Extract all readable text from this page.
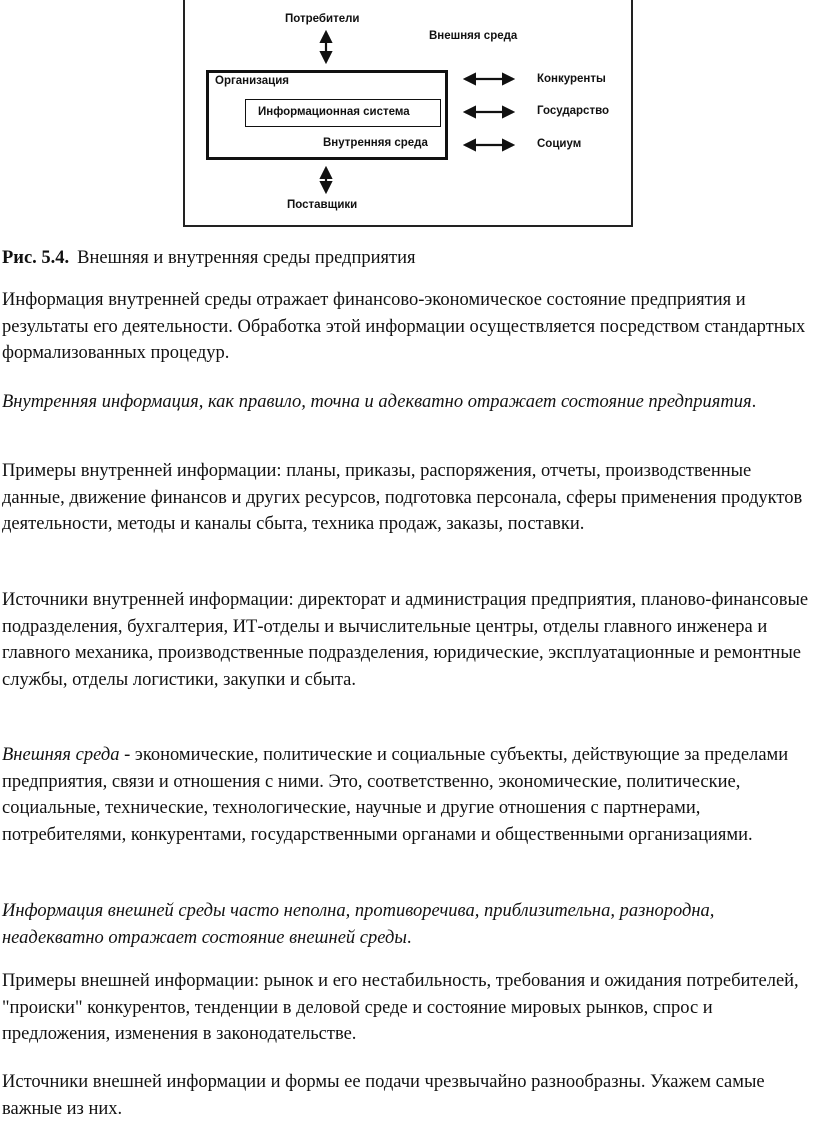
Потребители
Внешняя среда
Организация
Информационная система
Внутренняя среда
Поставщики
Конкуренты
Государство
Социум
Рис. 5.4. Внешняя и внутренняя среды предприятия

Информация внутренней среды отражает финансово-экономическое состояние предприятия и результаты его деятельности. Обработка этой информации осуществляется посредством стандартных формализованных процедур.

Внутренняя информация, как правило, точна и адекватно отражает состояние предприятия.

Примеры внутренней информации: планы, приказы, распоряжения, отчеты, производственные данные, движение финансов и других ресурсов, подготовка персонала, сферы применения продуктов деятельности, методы и каналы сбыта, техника продаж, заказы, поставки.

Источники внутренней информации: директорат и администрация предприятия, планово-финансовые подразделения, бухгалтерия, ИТ-отделы и вычислительные центры, отделы главного инженера и главного механика, производственные подразделения, юридические, эксплуатационные и ремонтные службы, отделы логистики, закупки и сбыта.

Внешняя среда - экономические, политические и социальные субъекты, действующие за пределами предприятия, связи и отношения с ними. Это, соответственно, экономические, политические, социальные, технические, технологические, научные и другие отношения с партнерами, потребителями, конкурентами, государственными органами и общественными организациями.

Информация внешней среды часто неполна, противоречива, приблизительна, разнородна, неадекватно отражает состояние внешней среды.

Примеры внешней информации: рынок и его нестабильность, требования и ожидания потребителей, "происки" конкурентов, тенденции в деловой среде и состояние мировых рынков, спрос и предложения, изменения в законодательстве.

Источники внешней информации и формы ее подачи чрезвычайно разнообразны. Укажем самые важные из них.
